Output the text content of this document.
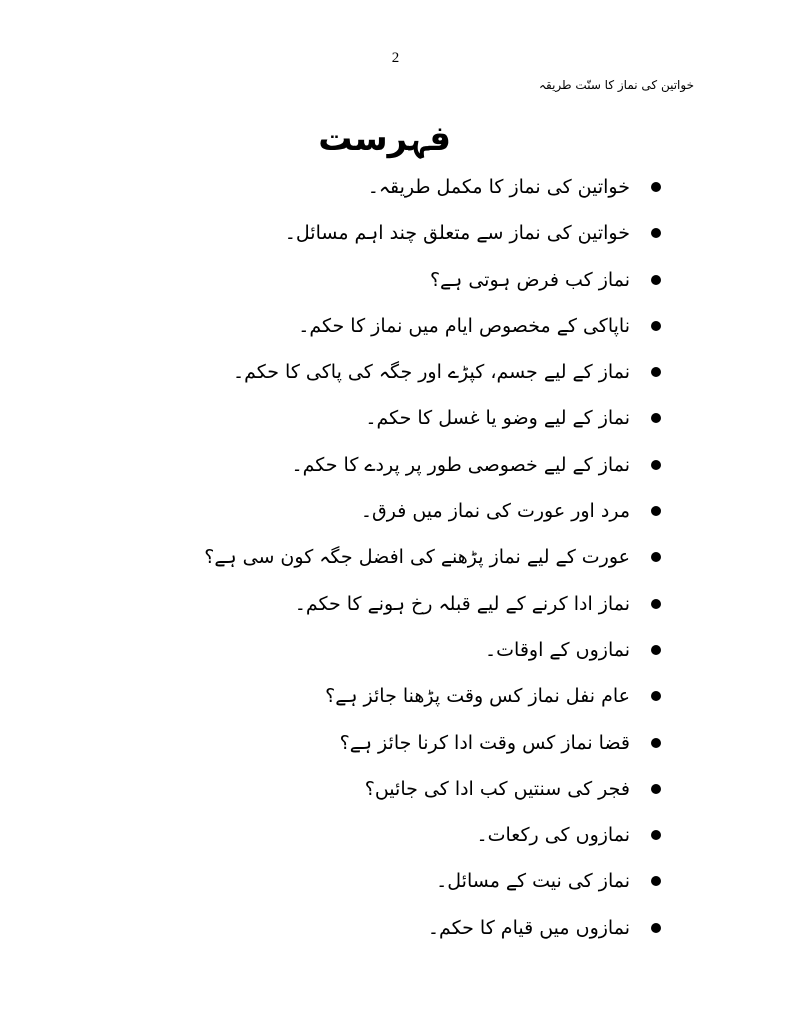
2
خواتین کی نماز کا سنّت طریقہ
فہرست
خواتین کی نماز کا مکمل طریقہ۔
خواتین کی نماز سے متعلق چند اہم مسائل۔
نماز کب فرض ہوتی ہے؟
ناپاکی کے مخصوص ایام میں نماز کا حکم۔
نماز کے لیے جسم، کپڑے اور جگہ کی پاکی کا حکم۔
نماز کے لیے وضو یا غسل کا حکم۔
نماز کے لیے خصوصی طور پر پردے کا حکم۔
مرد اور عورت کی نماز میں فرق۔
عورت کے لیے نماز پڑھنے کی افضل جگہ کون سی ہے؟
نماز ادا کرنے کے لیے قبلہ رخ ہونے کا حکم۔
نمازوں کے اوقات۔
عام نفل نماز کس وقت پڑھنا جائز ہے؟
قضا نماز کس وقت ادا کرنا جائز ہے؟
فجر کی سنتیں کب ادا کی جائیں؟
نمازوں کی رکعات۔
نماز کی نیت کے مسائل۔
نمازوں میں قیام کا حکم۔
